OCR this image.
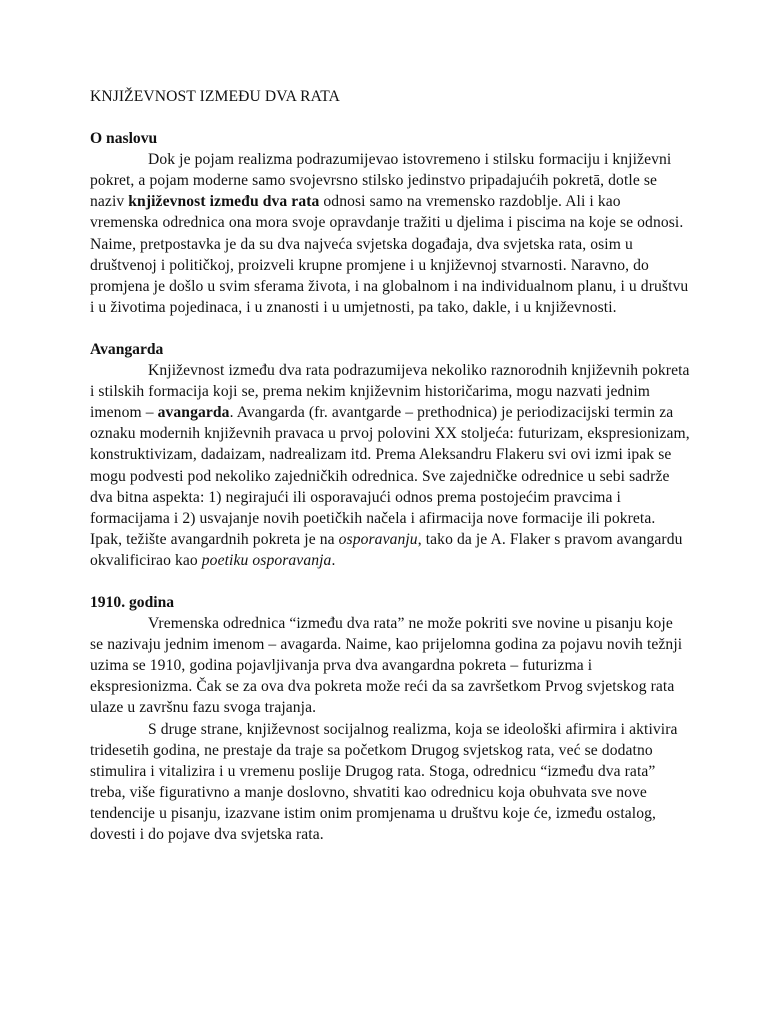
KNJIŽEVNOST IZMEĐU DVA RATA
O naslovu

Dok je pojam realizma podrazumijevao istovremeno i stilsku formaciju i književni pokret, a pojam moderne samo svojevrsno stilsko jedinstvo pripadajućih pokretā, dotle se naziv književnost između dva rata odnosi samo na vremensko razdoblje. Ali i kao vremenska odrednica ona mora svoje opravdanje tražiti u djelima i piscima na koje se odnosi. Naime, pretpostavka je da su dva najveća svjetska događaja, dva svjetska rata, osim u društvenoj i političkoj, proizveli krupne promjene i u književnoj stvarnosti. Naravno, do promjena je došlo u svim sferama života, i na globalnom i na individualnom planu, i u društvu i u životima pojedinaca, i u znanosti i u umjetnosti, pa tako, dakle, i u književnosti.

Avangarda

Književnost između dva rata podrazumijeva nekoliko raznorodnih književnih pokreta i stilskih formacija koji se, prema nekim književnim historičarima, mogu nazvati jednim imenom – avangarda. Avangarda (fr. avantgarde – prethodnica) je periodizacijski termin za oznaku modernih književnih pravaca u prvoj polovini XX stoljeća: futurizam, ekspresionizam, konstruktivizam, dadaizam, nadrealizam itd. Prema Aleksandru Flakeru svi ovi izmi ipak se mogu podvesti pod nekoliko zajedničkih odrednica. Sve zajedničke odrednice u sebi sadrže dva bitna aspekta: 1) negirajući ili osporavajući odnos prema postojećim pravcima i formacijama i 2) usvajanje novih poetičkih načela i afirmacija nove formacije ili pokreta. Ipak, težište avangardnih pokreta je na osporavanju, tako da je A. Flaker s pravom avangardu okvalificirao kao poetiku osporavanja.

1910. godina

Vremenska odrednica “između dva rata” ne može pokriti sve novine u pisanju koje se nazivaju jednim imenom – avagarda. Naime, kao prijelomna godina za pojavu novih težnji uzima se 1910, godina pojavljivanja prva dva avangardna pokreta – futurizma i ekspresionizma. Čak se za ova dva pokreta može reći da sa završetkom Prvog svjetskog rata ulaze u završnu fazu svoga trajanja.

S druge strane, književnost socijalnog realizma, koja se ideološki afirmira i aktivira tridesetih godina, ne prestaje da traje sa početkom Drugog svjetskog rata, već se dodatno stimulira i vitalizira i u vremenu poslije Drugog rata. Stoga, odrednicu “između dva rata” treba, više figurativno a manje doslovno, shvatiti kao odrednicu koja obuhvata sve nove tendencije u pisanju, izazvane istim onim promjenama u društvu koje će, između ostalog, dovesti i do pojave dva svjetska rata.
